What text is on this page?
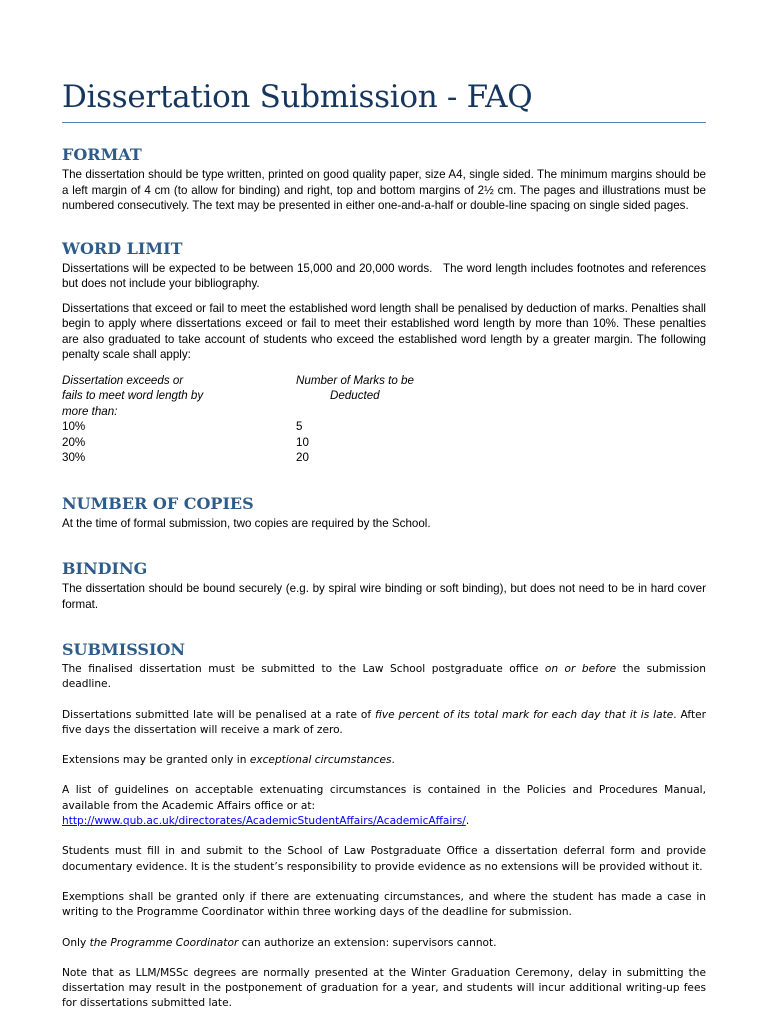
Dissertation Submission - FAQ
FORMAT

The dissertation should be type written, printed on good quality paper, size A4, single sided. The minimum margins should be a left margin of 4 cm (to allow for binding) and right, top and bottom margins of 2½ cm. The pages and illustrations must be numbered consecutively. The text may be presented in either one-and-a-half or double-line spacing on single sided pages.

WORD LIMIT

Dissertations will be expected to be between 15,000 and 20,000 words.   The word length includes footnotes and references but does not include your bibliography.

Dissertations that exceed or fail to meet the established word length shall be penalised by deduction of marks. Penalties shall begin to apply where dissertations exceed or fail to meet their established word length by more than 10%. These penalties are also graduated to take account of students who exceed the established word length by a greater margin. The following penalty scale shall apply:

Dissertation exceeds or
fails to meet word length by
more than:
10%
20%
30%
Number of Marks to be
Deducted
5
10
20
NUMBER OF COPIES

At the time of formal submission, two copies are required by the School.

BINDING

The dissertation should be bound securely (e.g. by spiral wire binding or soft binding), but does not need to be in hard cover format.

SUBMISSION

The finalised dissertation must be submitted to the Law School postgraduate office on or before the submission deadline.

Dissertations submitted late will be penalised at a rate of five percent of its total mark for each day that it is late. After five days the dissertation will receive a mark of zero.

Extensions may be granted only in exceptional circumstances.

A list of guidelines on acceptable extenuating circumstances is contained in the Policies and Procedures Manual, available from the Academic Affairs office or at:
http://www.qub.ac.uk/directorates/AcademicStudentAffairs/AcademicAffairs/.

Students must fill in and submit to the School of Law Postgraduate Office a dissertation deferral form and provide documentary evidence. It is the student’s responsibility to provide evidence as no extensions will be provided without it.

Exemptions shall be granted only if there are extenuating circumstances, and where the student has made a case in writing to the Programme Coordinator within three working days of the deadline for submission.

Only the Programme Coordinator can authorize an extension: supervisors cannot.

Note that as LLM/MSSc degrees are normally presented at the Winter Graduation Ceremony, delay in submitting the dissertation may result in the postponement of graduation for a year, and students will incur additional writing-up fees for dissertations submitted late.
